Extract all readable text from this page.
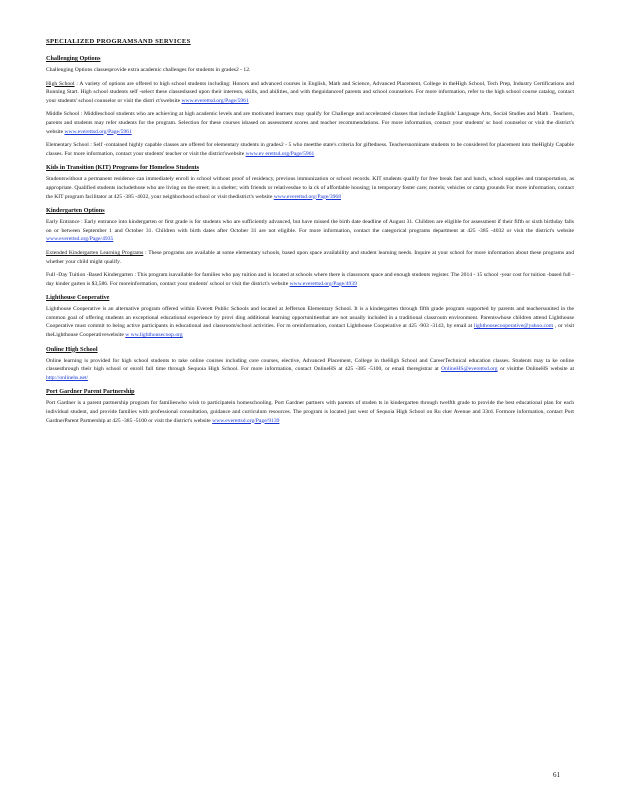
SPECIALIZED PROGRAMSAND SERVICES
Challenging Options
Challenging Options classesprovide extra academic challenges for students in grades2 - 12.
High School : A variety of options are offered to high school students including: Honors and advanced courses in English, Math and Science, Advanced Placement, College in theHigh School, Tech Prep, Industry Certifications and Running Start. High school students self -select these classesbased upon their interests, skills, and abilities, and with theguidanceof parents and school counselors. For more information, refer to the high school course catalog, contact your students' school counselor or visit the distri ct'swebsite www.everettsd.org/Page/5961
Middle School : Middleschool students who are achieving at high academic levels and are motivated learners may qualify for Challenge and accelerated classes that include English/ Language Arts, Social Studies and Math . Teachers, parents and students may refer students for the program. Selection for these courses isbased on assessment scores and teacher recommendations. For more information, contact your students' sc hool counselor or visit the district's website www.everettsd.org/Page/5961
Elementary School : Self -contained highly capable classes are offered for elementary students in grades2 - 5 who meetthe state's criteria for giftedness. Teachersnominate students to be considered for placement into theHighly Capable classes. For more information, contact your students' teacher or visit the district'swebsite www.ev erettsd.org/Page/5961
Kids in Transition (KIT) Programs for Homeless Students
Studentswithout a permanent residence can immediately enroll in school without proof of residency, previous immunization or school records. KIT students qualify for free break fast and lunch, school supplies and transportation, as appropriate. Qualified students includethose who are living on the street; in a shelter; with friends or relativesdue to la ck of affordable housing; in temporary foster care; motels; vehicles or camp grounds For more information, contact the KIT program facilitator at 425 -385 -4032, your neighborhood school or visit thedistrict's website www.everettsd.org/Page/3968
Kindergarten Options
Early Entrance : Early entrance into kindergarten or first grade is for students who are sufficiently advanced, but have missed the birth date deadline of August 31. Children are eligible for assessment if their fifth or sixth birthday falls on or between September 1 and October 31. Children with birth dates after October 31 are not eligible. For more information, contact the categorical programs department at 425 -385 -4032 or visit the district's website www.everettsd.org/Page/4935
Extended Kindergarten Learning Programs : These programs are available at some elementary schools, based upon space availability and student learning needs. Inquire at your school for more information about these programs and whether your child might qualify.
Full -Day Tuition -Based Kindergarten : This program isavailable for families who pay tuition and is located at schools where there is classroom space and enough students register. The 2014 - 15 school -year cost for tuition -based full -day kinder garten is $3,586. For moreinformation, contact your students' school or visit the district's website www.everettsd.org/Page/4939
Lighthouse Cooperative
Lighthouse Cooperative is an alternative program offered within Everett Public Schools and located at Jefferson Elementary School. It is a kindergarten through fifth grade program supported by parents and teachersunited in the common goal of offering students an exceptional educational experience by provi ding additional learning opportunitiesthat are not usually included in a traditional classroom environment. Parentswhose children attend Lighthouse Cooperative must commit to being active participants in educational and classroom/school activities. For m oreinformation, contact Lighthouse Cooperative at 425 -903 -3143, by email at lighthousecooperative@yahoo.com , or visit theLighthouse Cooperativewebsite w ww.lighthousecoop.org
Online High School
Online learning is provided for high school students to take online courses including core courses, elective, Advanced Placement, College in theHigh School and CareerTechnical education classes. Students may ta ke online classesthrough their high school or enroll full time through Sequoia High School. For more information, contact OnlineHS at 425 -385 -5100, or email theregistrar at OnlineHS@everettsd.org or visitthe OnlineHS website at http://onlinehs.net/
Port Gardner Parent Partnership
Port Gardner is a parent partnership program for familieswho wish to participatein homeschooling. Port Gardner partners with parents of studen ts in kindergarten through twelfth grade to provide the best educational plan for each individual student, and provide families with professional consultation, guidance and curriculum resources. The program is located just west of Sequoia High School on Ru cker Avenue and 33rd. Formore information, contact Port GardnerParent Partnership at 425 -385 -5100 or visit the district's website www.everettsd.org/Page/9139
61
